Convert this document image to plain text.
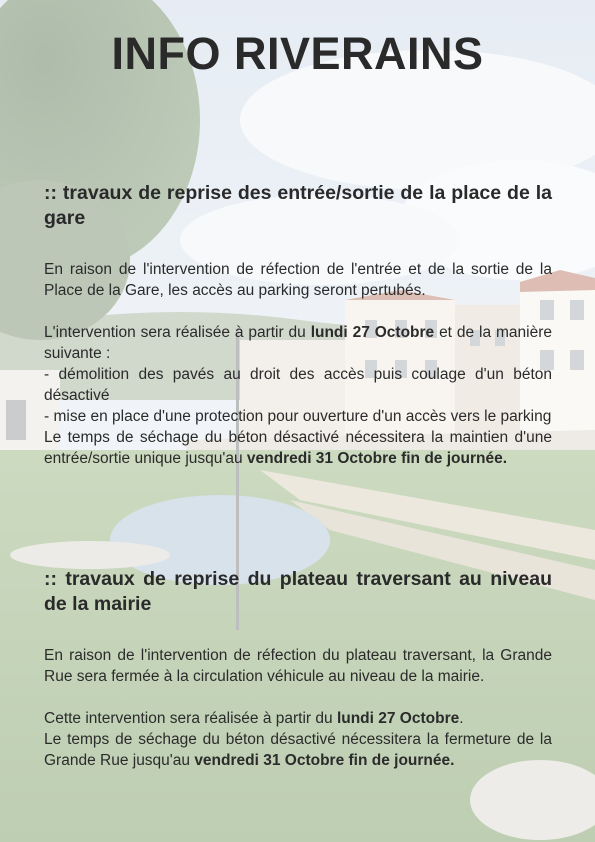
INFO RIVERAINS
:: travaux de reprise des entrée/sortie de la place de la gare

En raison de l'intervention de réfection de l'entrée et de la sortie de la Place de la Gare, les accès au parking seront pertubés.

L'intervention sera réalisée à partir du lundi 27 Octobre et de la manière suivante :

- démolition des pavés au droit des accès puis coulage d'un béton désactivé

- mise en place d'une protection pour ouverture d'un accès vers le parking

Le temps de séchage du béton désactivé nécessitera la maintien d'une entrée/sortie unique jusqu'au vendredi 31 Octobre fin de journée.

:: travaux de reprise du plateau traversant au niveau de la mairie

En raison de l'intervention de réfection du plateau traversant, la Grande Rue sera fermée à la circulation véhicule au niveau de la mairie.

Cette intervention sera réalisée à partir du lundi 27 Octobre.

Le temps de séchage du béton désactivé nécessitera la fermeture de la Grande Rue jusqu'au vendredi 31 Octobre fin de journée.
